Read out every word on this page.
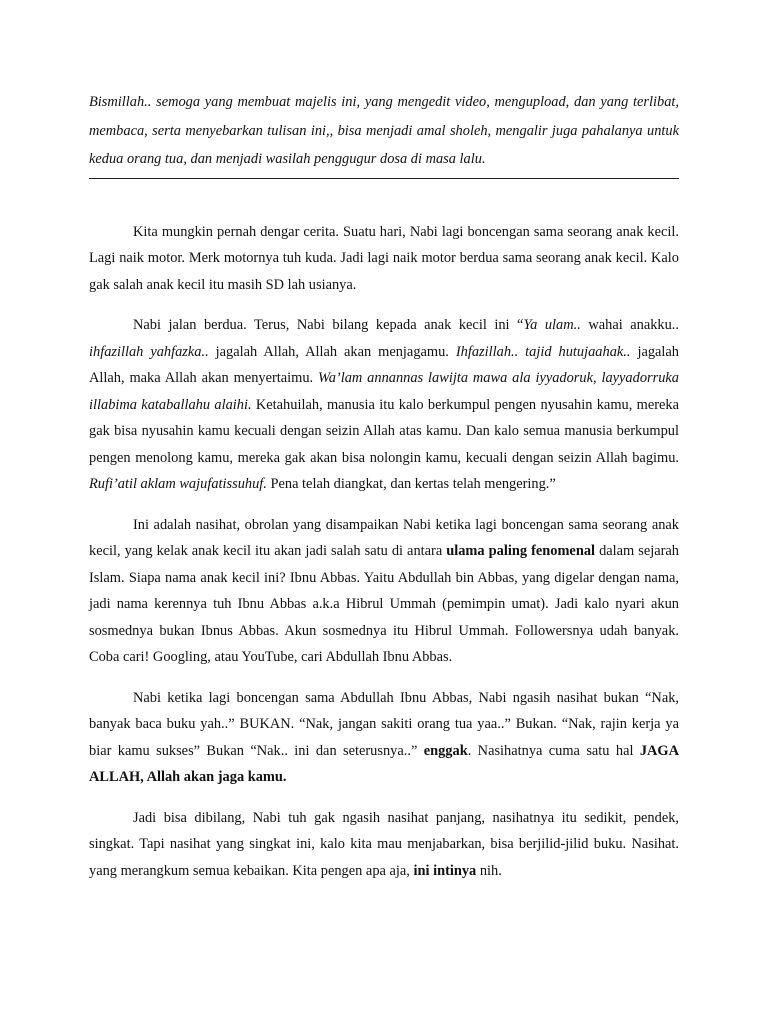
Bismillah.. semoga yang membuat majelis ini, yang mengedit video, mengupload, dan yang terlibat, membaca, serta menyebarkan tulisan ini,, bisa menjadi amal sholeh, mengalir juga pahalanya untuk kedua orang tua, dan menjadi wasilah penggugur dosa di masa lalu.

Kita mungkin pernah dengar cerita. Suatu hari, Nabi lagi boncengan sama seorang anak kecil. Lagi naik motor. Merk motornya tuh kuda. Jadi lagi naik motor berdua sama seorang anak kecil. Kalo gak salah anak kecil itu masih SD lah usianya.

Nabi jalan berdua. Terus, Nabi bilang kepada anak kecil ini “Ya ulam.. wahai anakku.. ihfazillah yahfazka.. jagalah Allah, Allah akan menjagamu. Ihfazillah.. tajid hutujaahak.. jagalah Allah, maka Allah akan menyertaimu. Wa’lam annannas lawijta mawa ala iyyadoruk, layyadorruka illabima kataballahu alaihi. Ketahuilah, manusia itu kalo berkumpul pengen nyusahin kamu, mereka gak bisa nyusahin kamu kecuali dengan seizin Allah atas kamu. Dan kalo semua manusia berkumpul pengen menolong kamu, mereka gak akan bisa nolongin kamu, kecuali dengan seizin Allah bagimu. Rufi’atil aklam wajufatissuhuf. Pena telah diangkat, dan kertas telah mengering.”

Ini adalah nasihat, obrolan yang disampaikan Nabi ketika lagi boncengan sama seorang anak kecil, yang kelak anak kecil itu akan jadi salah satu di antara ulama paling fenomenal dalam sejarah Islam. Siapa nama anak kecil ini? Ibnu Abbas. Yaitu Abdullah bin Abbas, yang digelar dengan nama, jadi nama kerennya tuh Ibnu Abbas a.k.a Hibrul Ummah (pemimpin umat). Jadi kalo nyari akun sosmednya bukan Ibnus Abbas. Akun sosmednya itu Hibrul Ummah. Followersnya udah banyak. Coba cari! Googling, atau YouTube, cari Abdullah Ibnu Abbas.

Nabi ketika lagi boncengan sama Abdullah Ibnu Abbas, Nabi ngasih nasihat bukan “Nak, banyak baca buku yah..” BUKAN. “Nak, jangan sakiti orang tua yaa..” Bukan. “Nak, rajin kerja ya biar kamu sukses” Bukan “Nak.. ini dan seterusnya..” enggak. Nasihatnya cuma satu hal JAGA ALLAH, Allah akan jaga kamu.

Jadi bisa dibilang, Nabi tuh gak ngasih nasihat panjang, nasihatnya itu sedikit, pendek, singkat. Tapi nasihat yang singkat ini, kalo kita mau menjabarkan, bisa berjilid-jilid buku. Nasihat. yang merangkum semua kebaikan. Kita pengen apa aja, ini intinya nih.
